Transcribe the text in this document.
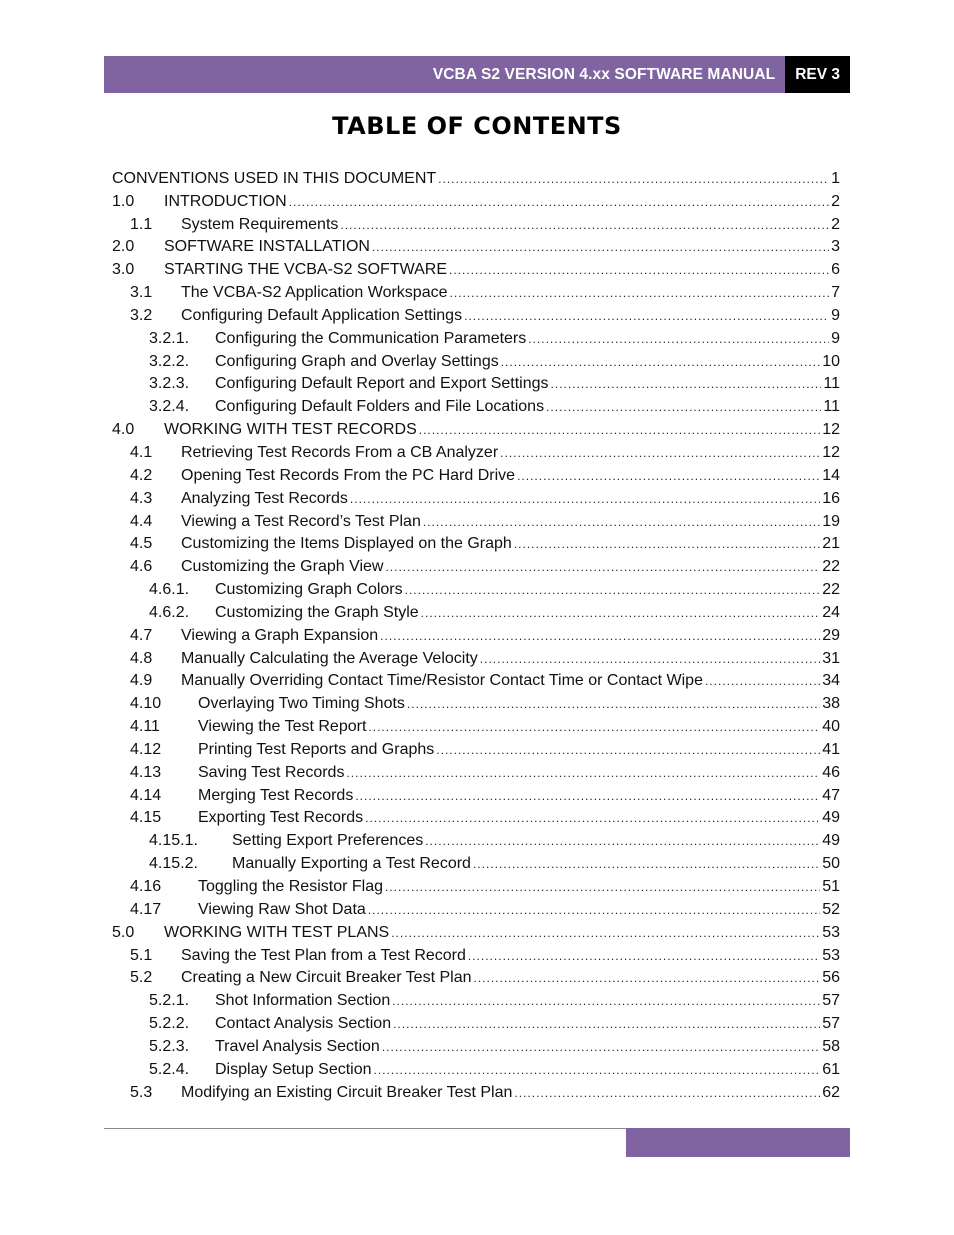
VCBA S2 VERSION 4.xx SOFTWARE MANUAL	REV 3
TABLE OF CONTENTS
CONVENTIONS USED IN THIS DOCUMENT .....	1
1.0	INTRODUCTION .....	2
1.1	System Requirements .....	2
2.0	SOFTWARE INSTALLATION .....	3
3.0	STARTING THE VCBA-S2 SOFTWARE .....	6
3.1	The VCBA-S2 Application Workspace .....	7
3.2	Configuring Default Application Settings .....	9
3.2.1.	Configuring the Communication Parameters .....	9
3.2.2.	Configuring Graph and Overlay Settings .....	10
3.2.3.	Configuring Default Report and Export Settings .....	11
3.2.4.	Configuring Default Folders and File Locations .....	11
4.0	WORKING WITH TEST RECORDS .....	12
4.1	Retrieving Test Records From a CB Analyzer .....	12
4.2	Opening Test Records From the PC Hard Drive .....	14
4.3	Analyzing Test Records .....	16
4.4	Viewing a Test Record’s Test Plan .....	19
4.5	Customizing the Items Displayed on the Graph .....	21
4.6	Customizing the Graph View .....	22
4.6.1.	Customizing Graph Colors .....	22
4.6.2.	Customizing the Graph Style .....	24
4.7	Viewing a Graph Expansion .....	29
4.8	Manually Calculating the Average Velocity .....	31
4.9	Manually Overriding Contact Time/Resistor Contact Time or Contact Wipe .....	34
4.10	Overlaying Two Timing Shots .....	38
4.11	Viewing the Test Report .....	40
4.12	Printing Test Reports and Graphs .....	41
4.13	Saving Test Records .....	46
4.14	Merging Test Records .....	47
4.15	Exporting Test Records .....	49
4.15.1.	Setting Export Preferences .....	49
4.15.2.	Manually Exporting a Test Record .....	50
4.16	Toggling the Resistor Flag .....	51
4.17	Viewing Raw Shot Data .....	52
5.0	WORKING WITH TEST PLANS .....	53
5.1	Saving the Test Plan from a Test Record .....	53
5.2	Creating a New Circuit Breaker Test Plan .....	56
5.2.1.	Shot Information Section .....	57
5.2.2.	Contact Analysis Section .....	57
5.2.3.	Travel Analysis Section .....	58
5.2.4.	Display Setup Section .....	61
5.3	Modifying an Existing Circuit Breaker Test Plan .....	62
